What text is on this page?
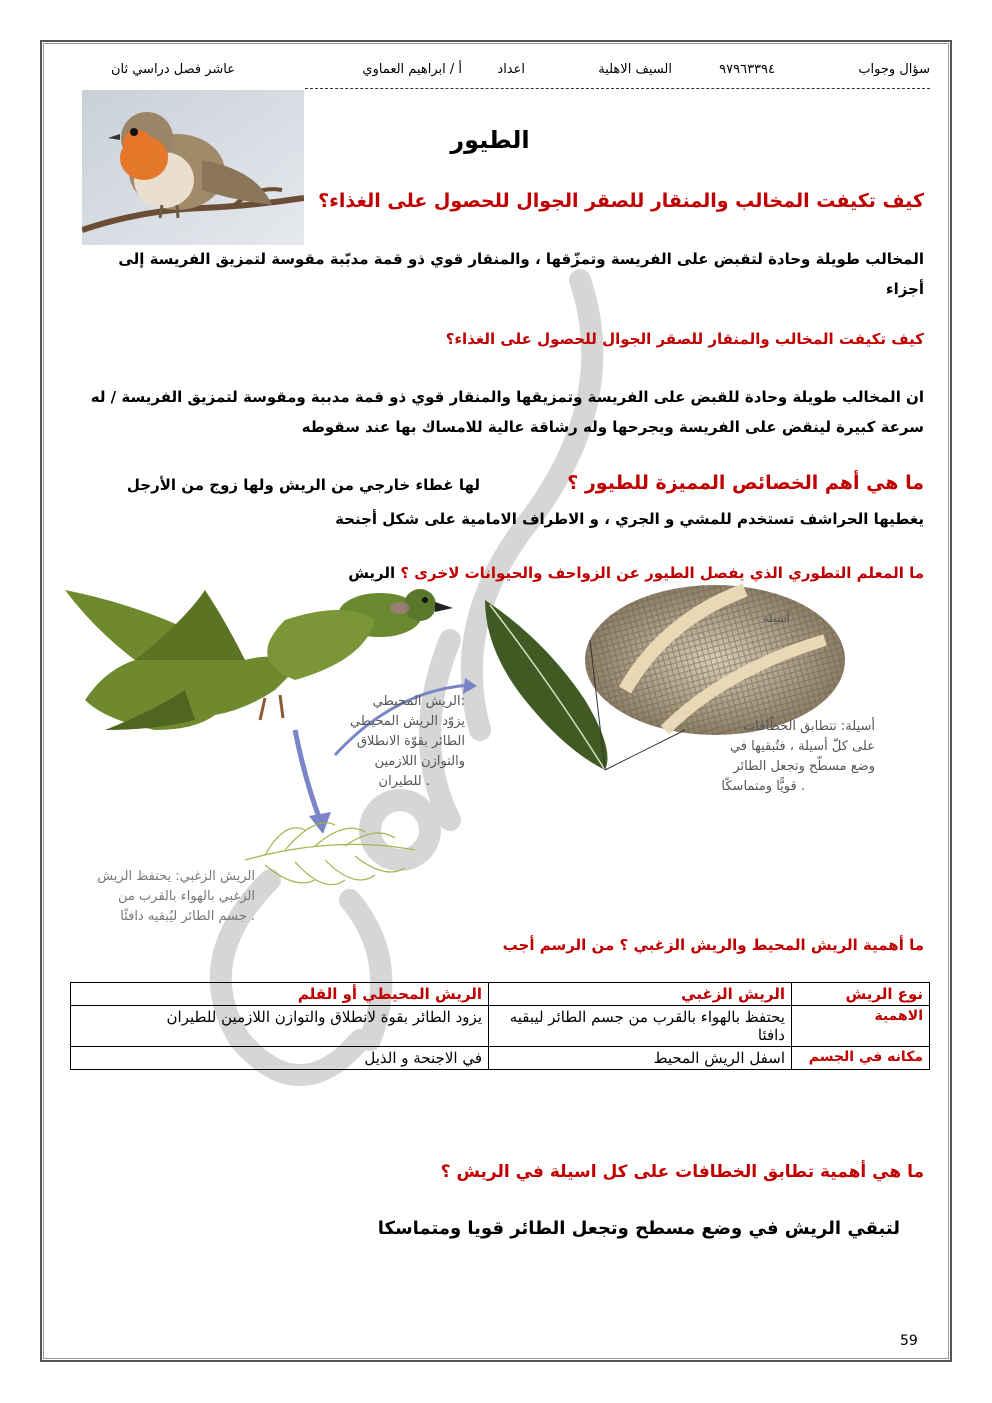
سؤال وجواب
٩٧٩٦٣٣٩٤
السيف الاهلية
اعداد
أ / ابراهيم العماوي
عاشر فصل دراسي ثان
الطيور
كيف تكيفت المخالب والمنقار للصقر الجوال للحصول على الغذاء؟
المخالب طويلة وحادة لتقبض على الفريسة وتمزّقها ، والمنقار قوي ذو قمة مدبّبة مقوسة لتمزيق الفريسة إلى أجزاء
كيف تكيفت المخالب والمنقار للصقر الجوال للحصول على الغذاء؟
ان المخالب طويلة وحادة للقبض على الفريسة وتمزيقها والمنقار قوي ذو قمة مدببة ومقوسة لتمزيق الفريسة / له سرعة كبيرة لينقض على الفريسة ويجرحها وله رشاقة عالية للامساك بها عند سقوطه
ما هي أهم الخصائص المميزة للطيور ؟
لها غطاء خارجي من الريش ولها زوج من الأرجل
يغطيها الحراشف تستخدم للمشي و الجري ، و الاطراف الامامية على شكل أجنحة
الريش المحيطي:
يزوّد الريش المحيطي
الطائر بقوّة الانطلاق
والتوازن اللازمين
للطيران .
أسيلة: تتطابق الخطّافات
على كلّ أسيلة ، فتُبقيها في
وضع مسطّح وتجعل الطائر
قويًّا ومتماسكًا .
أسيلة
الريش الزغبي: يحتفظ الريش
الزغبي بالهواء بالقرب من
جسم الطائر ليُبقيه دافئًا .
ما المعلم التطوري الذي يفصل الطيور عن الزواحف والحيوانات لاخرى ؟ الريش
ما أهمية الريش المحيط والريش الزغبي ؟ من الرسم أجب
نوع الريش	الريش الزغبي	الريش المحيطي أو القلم
الاهمية	يحتفظ بالهواء بالقرب من جسم الطائر ليبقيه دافئا	يزود الطائر بقوة لانطلاق والتوازن اللازمين للطيران
مكانه في الجسم	اسفل الريش المحيط	في الاجنحة و الذيل
ما هي أهمية تطابق الخطافات على كل اسيلة في الريش ؟
لتبقي الريش في وضع مسطح وتجعل الطائر قويا ومتماسكا
59
